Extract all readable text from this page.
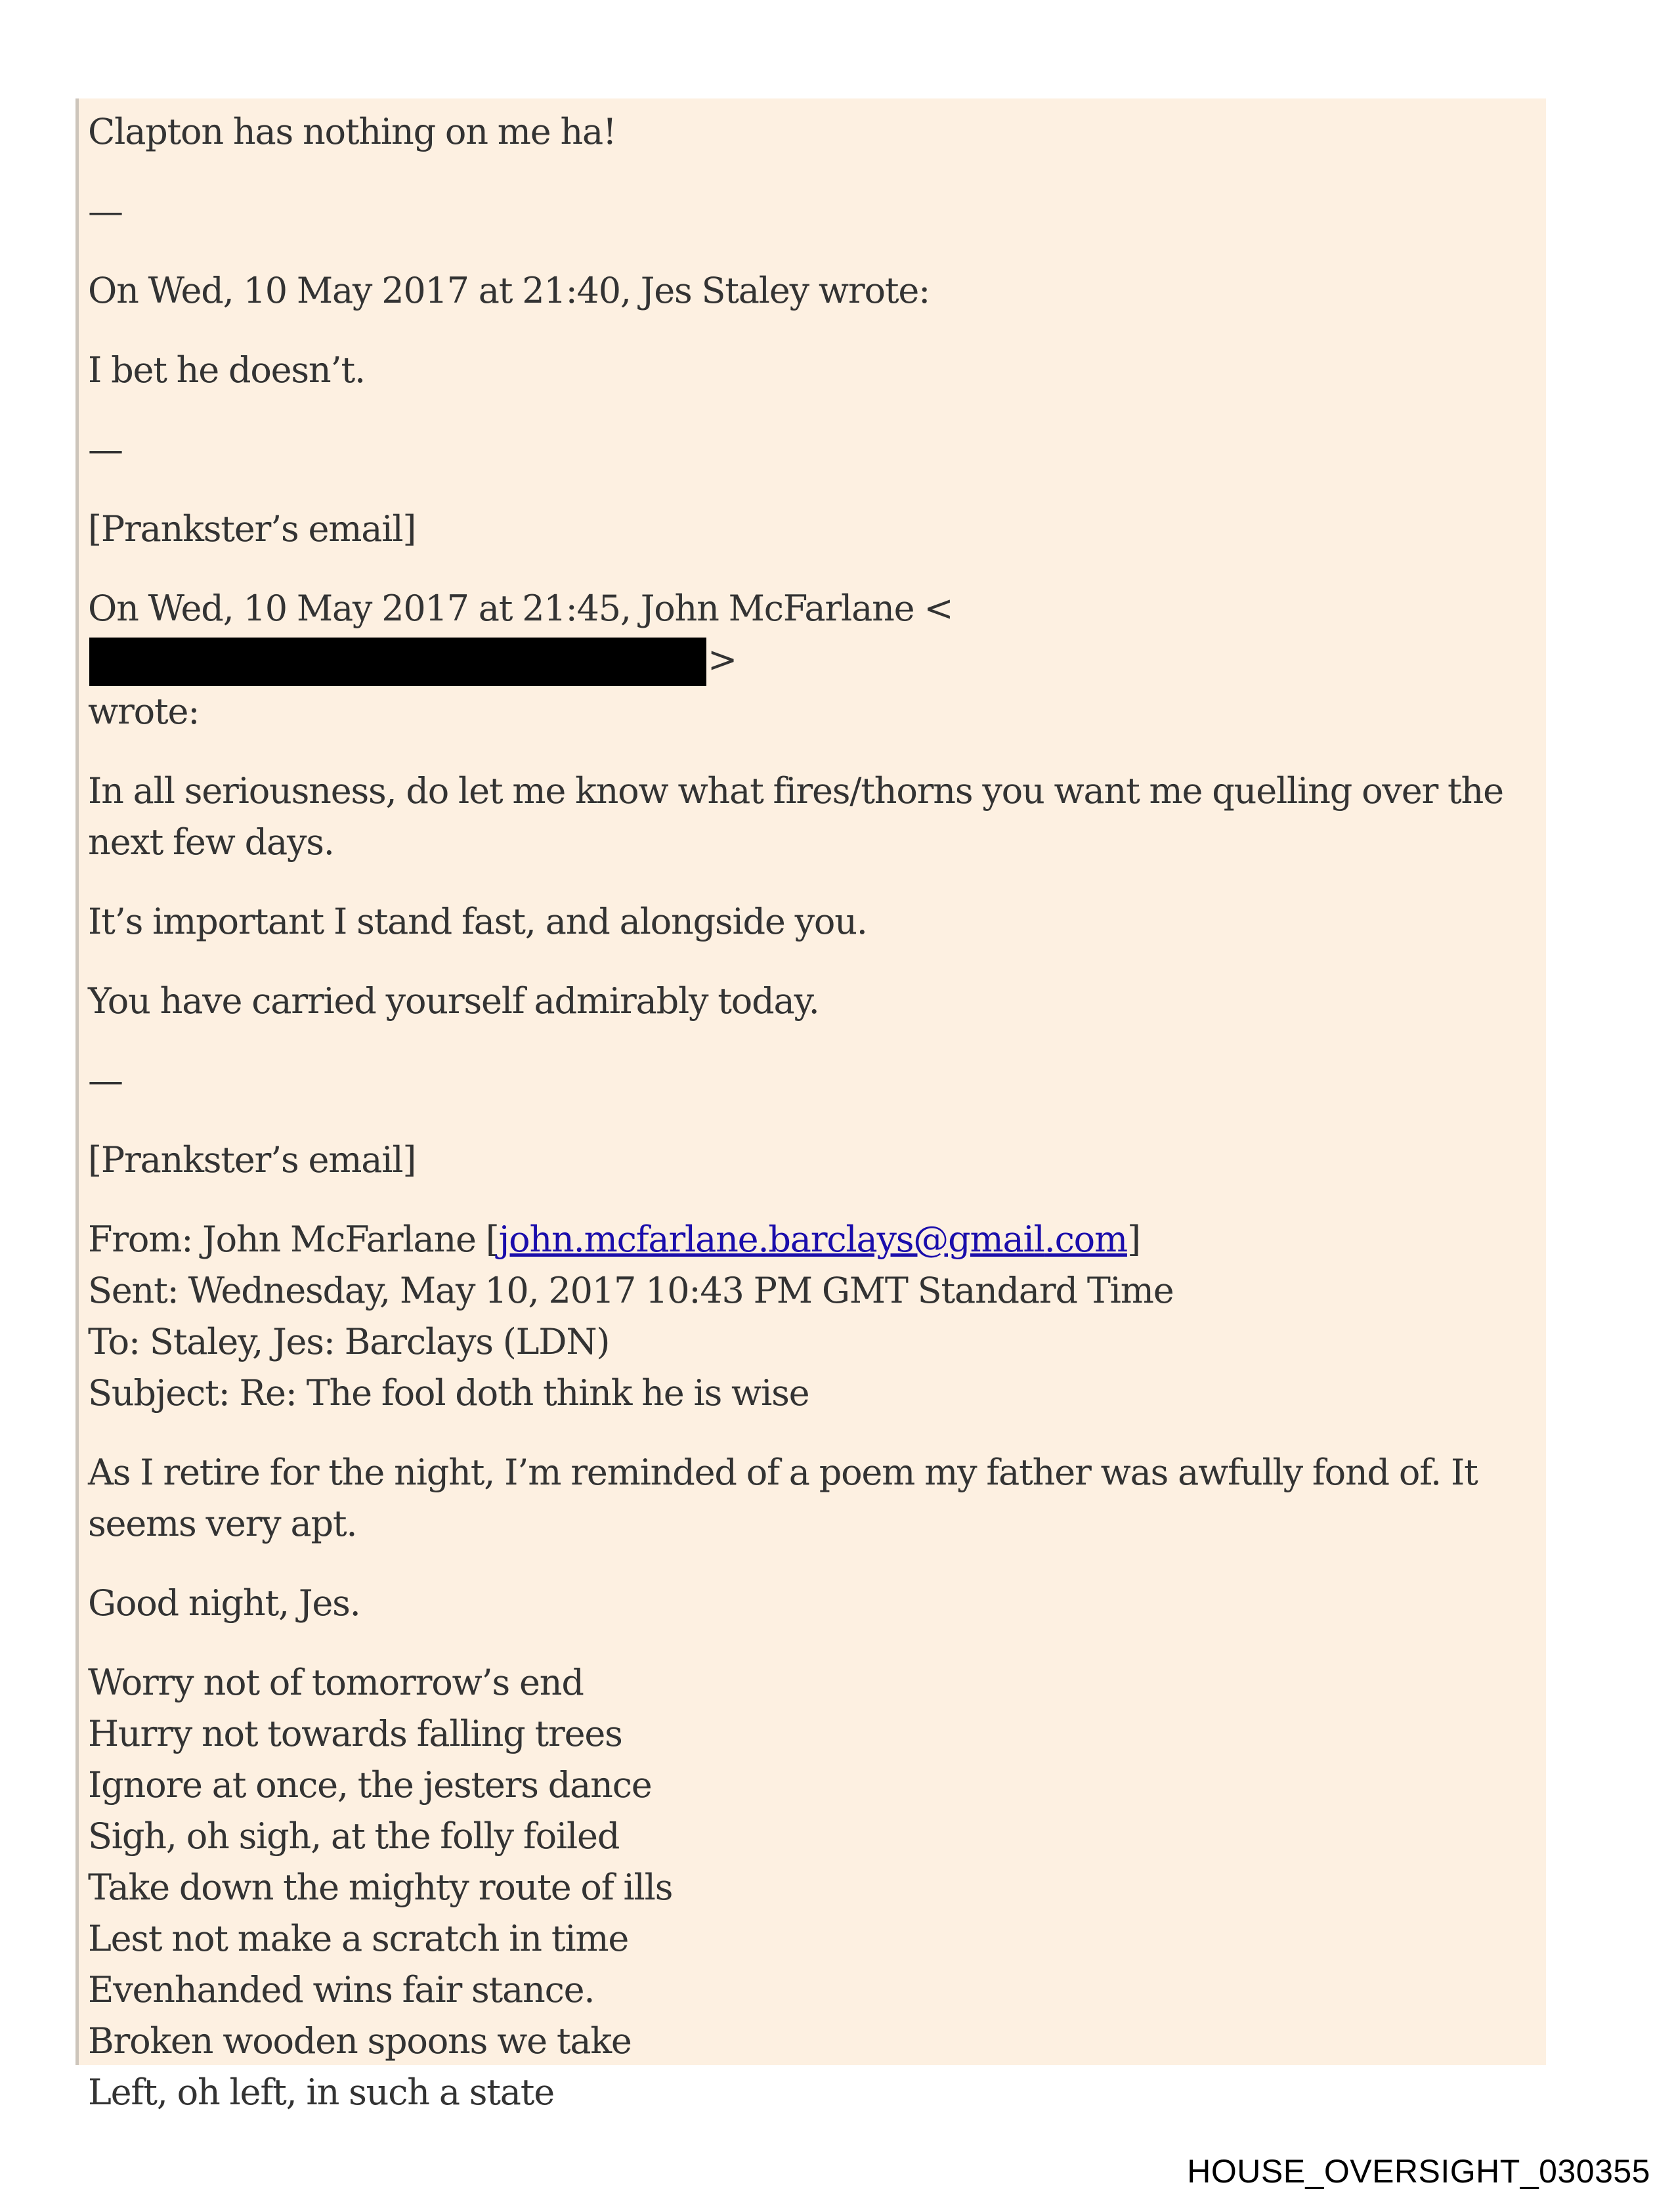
Clapton has nothing on me ha!

—

On Wed, 10 May 2017 at 21:40, Jes Staley wrote:

I bet he doesn’t.

—

[Prankster’s email]

On Wed, 10 May 2017 at 21:45, John McFarlane <>
wrote:

In all seriousness, do let me know what fires/thorns you want me quelling over the next few days.

It’s important I stand fast, and alongside you.

You have carried yourself admirably today.

—

[Prankster’s email]

From: John McFarlane [john.mcfarlane.barclays@gmail.com]
Sent: Wednesday, May 10, 2017 10:43 PM GMT Standard Time
To: Staley, Jes: Barclays (LDN)
Subject: Re: The fool doth think he is wise

As I retire for the night, I’m reminded of a poem my father was awfully fond of. It seems very apt.

Good night, Jes.

Worry not of tomorrow’s end
Hurry not towards falling trees
Ignore at once, the jesters dance
Sigh, oh sigh, at the folly foiled
Take down the mighty route of ills
Lest not make a scratch in time
Evenhanded wins fair stance.
Broken wooden spoons we take
Left, oh left, in such a state

HOUSE_OVERSIGHT_030355
